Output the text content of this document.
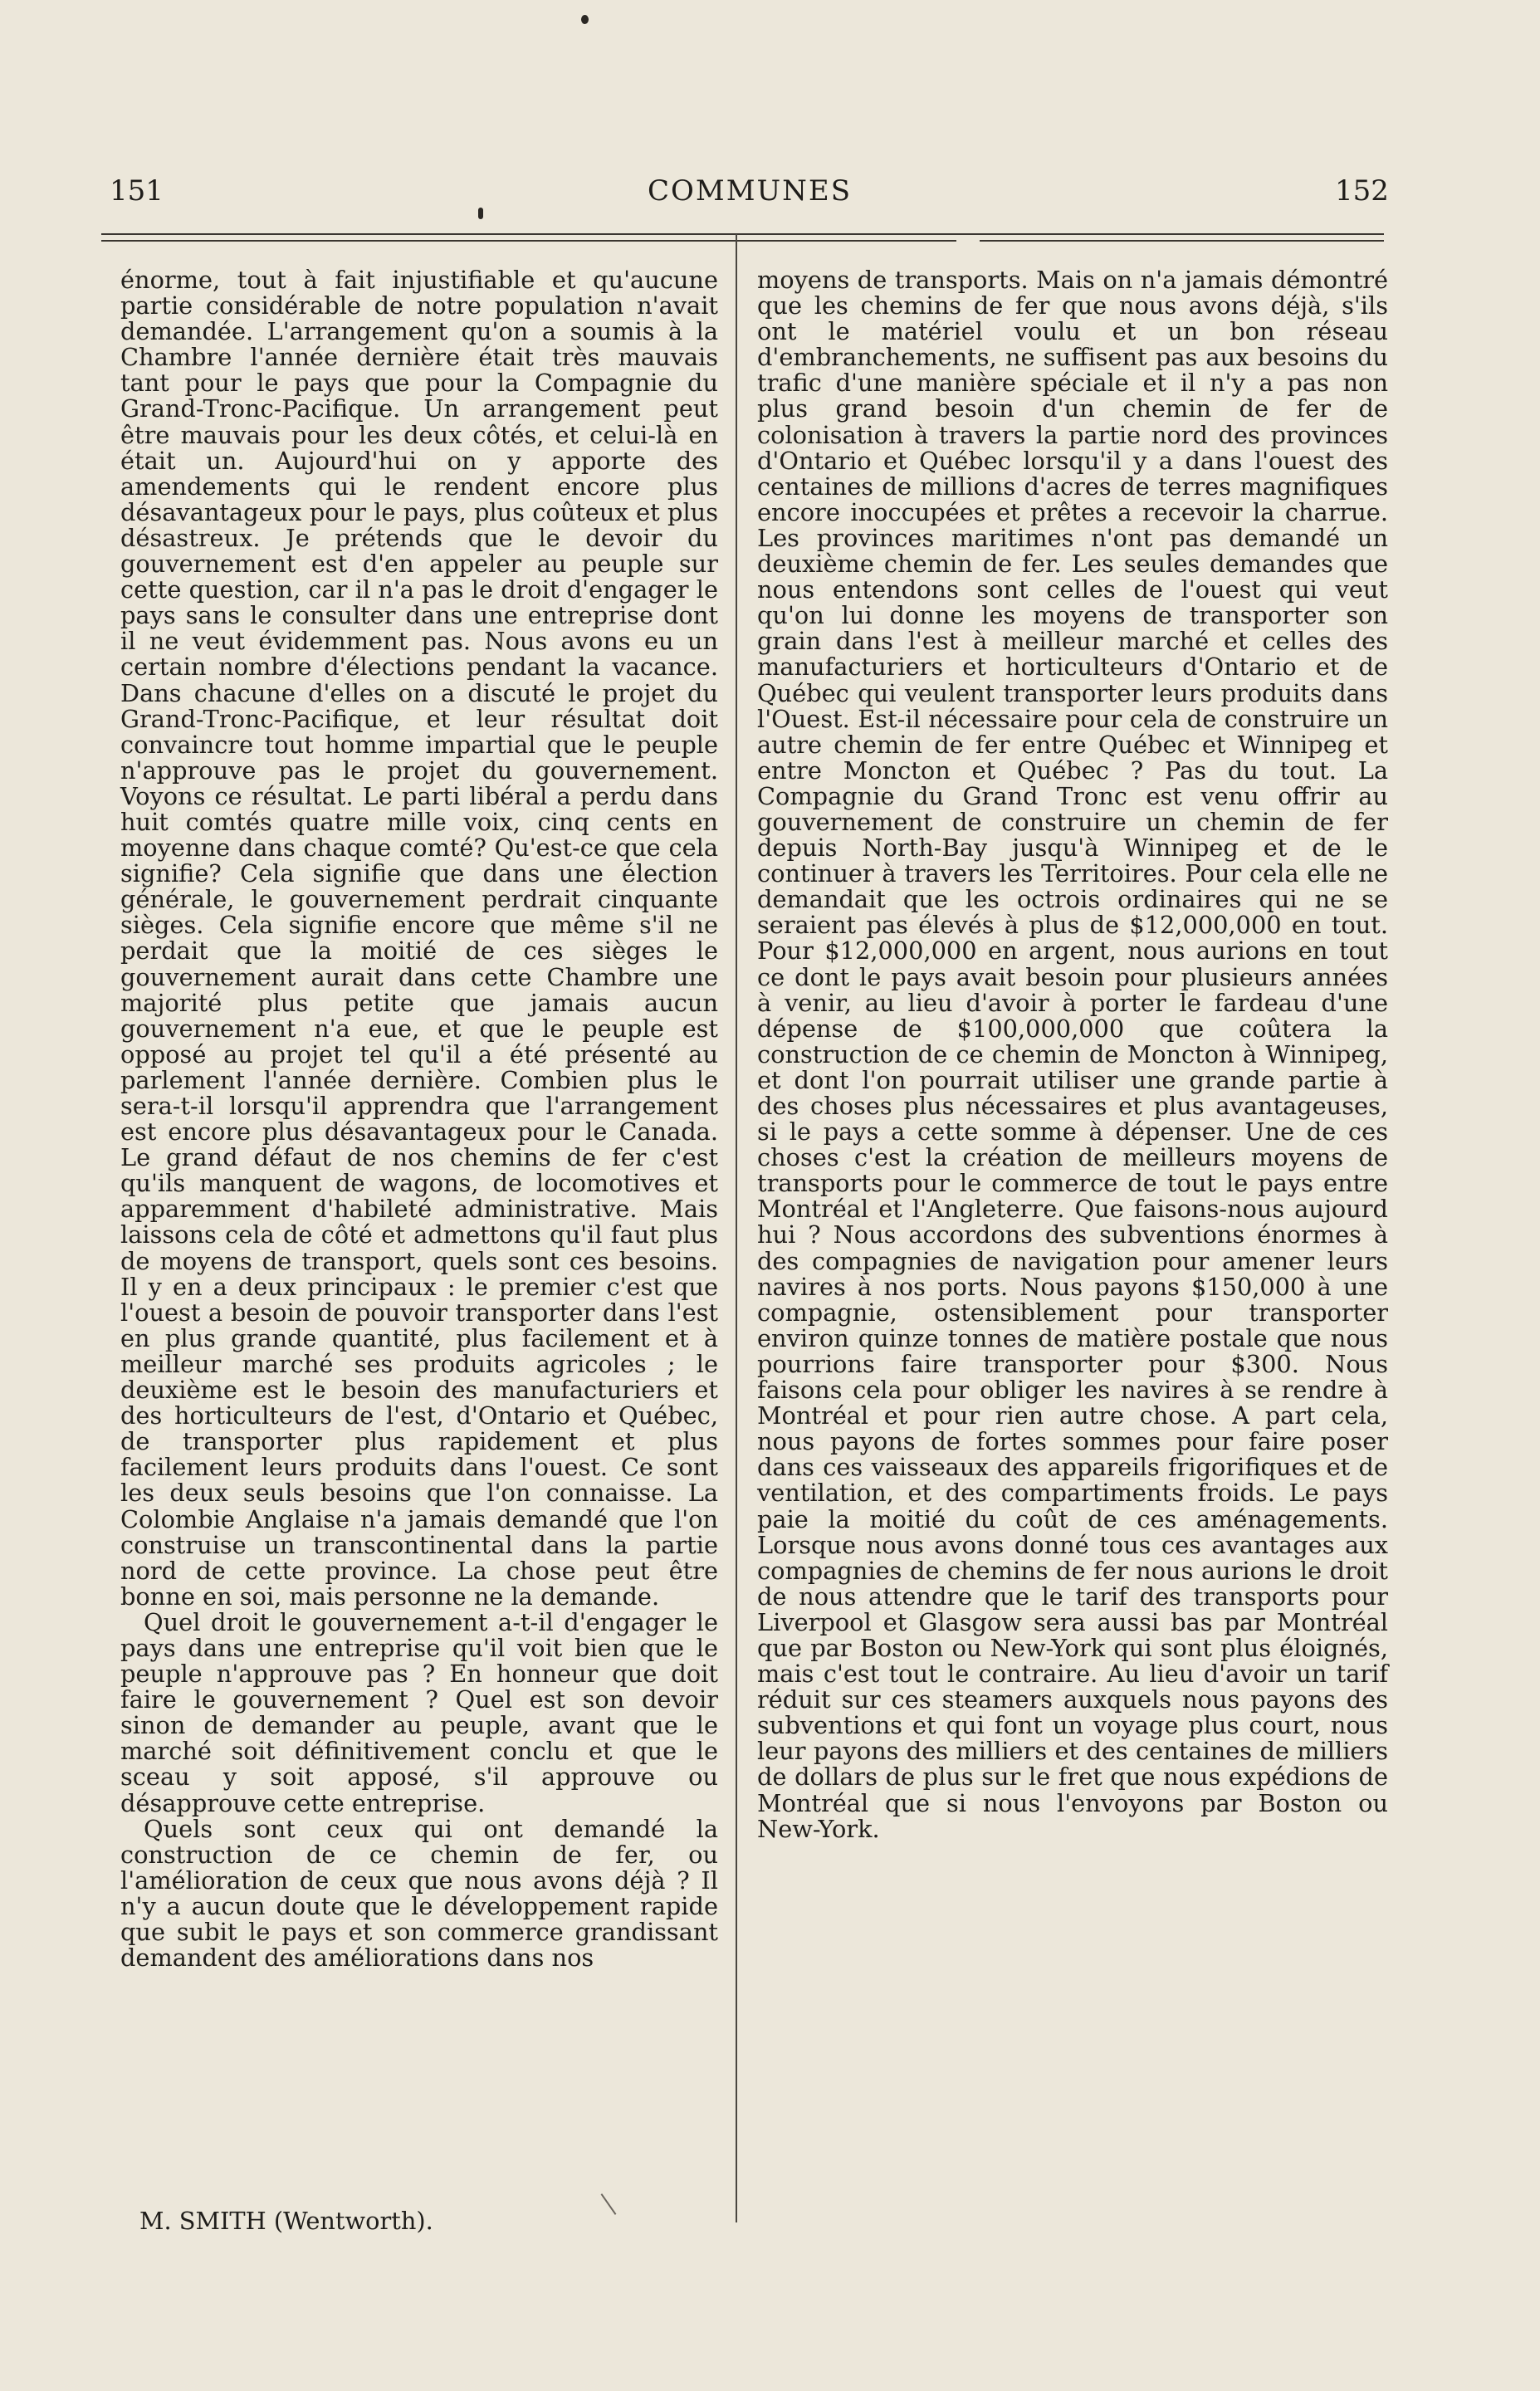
151	COMMUNES	152

énorme, tout à fait injustifiable et qu'aucune partie considérable de notre population n'avait demandée. L'arrangement qu'on a soumis à la Chambre l'année dernière était très mauvais tant pour le pays que pour la Compagnie du Grand-Tronc-Pacifique. Un arrangement peut être mauvais pour les deux côtés, et celui-là en était un. Aujourd'hui on y apporte des amendements qui le rendent encore plus désavantageux pour le pays, plus coûteux et plus désastreux. Je prétends que le devoir du gouvernement est d'en appeler au peuple sur cette question, car il n'a pas le droit d'engager le pays sans le consulter dans une entreprise dont il ne veut évidemment pas. Nous avons eu un certain nombre d'élections pendant la vacance. Dans chacune d'elles on a discuté le projet du Grand-Tronc-Pacifique, et leur résultat doit convaincre tout homme impartial que le peuple n'approuve pas le projet du gouvernement. Voyons ce résultat. Le parti libéral a perdu dans huit comtés quatre mille voix, cinq cents en moyenne dans chaque comté? Qu'est-ce que cela signifie? Cela signifie que dans une élection générale, le gouvernement perdrait cinquante sièges. Cela signifie encore que même s'il ne perdait que la moitié de ces sièges le gouvernement aurait dans cette Chambre une majorité plus petite que jamais aucun gouvernement n'a eue, et que le peuple est opposé au projet tel qu'il a été présenté au parlement l'année dernière. Combien plus le sera-t-il lorsqu'il apprendra que l'arrangement est encore plus désavantageux pour le Canada. Le grand défaut de nos chemins de fer c'est qu'ils manquent de wagons, de locomotives et apparemment d'habileté administrative. Mais laissons cela de côté et admettons qu'il faut plus de moyens de transport, quels sont ces besoins. Il y en a deux principaux : le premier c'est que l'ouest a besoin de pouvoir transporter dans l'est en plus grande quantité, plus facilement et à meilleur marché ses produits agricoles ; le deuxième est le besoin des manufacturiers et des horticulteurs de l'est, d'Ontario et Québec, de transporter plus rapidement et plus facilement leurs produits dans l'ouest. Ce sont les deux seuls besoins que l'on connaisse. La Colombie Anglaise n'a jamais demandé que l'on construise un transcontinental dans la partie nord de cette province. La chose peut être bonne en soi, mais personne ne la demande.

Quel droit le gouvernement a-t-il d'engager le pays dans une entreprise qu'il voit bien que le peuple n'approuve pas ? En honneur que doit faire le gouvernement ? Quel est son devoir sinon de demander au peuple, avant que le marché soit définitivement conclu et que le sceau y soit apposé, s'il approuve ou désapprouve cette entreprise.

Quels sont ceux qui ont demandé la construction de ce chemin de fer, ou l'amélioration de ceux que nous avons déjà ? Il n'y a aucun doute que le développement rapide que subit le pays et son commerce grandissant demandent des améliorations dans nos

moyens de transports. Mais on n'a jamais démontré que les chemins de fer que nous avons déjà, s'ils ont le matériel voulu et un bon réseau d'embranchements, ne suffisent pas aux besoins du trafic d'une manière spéciale et il n'y a pas non plus grand besoin d'un chemin de fer de colonisation à travers la partie nord des provinces d'Ontario et Québec lorsqu'il y a dans l'ouest des centaines de millions d'acres de terres magnifiques encore inoccupées et prêtes a recevoir la charrue. Les provinces maritimes n'ont pas demandé un deuxième chemin de fer. Les seules demandes que nous entendons sont celles de l'ouest qui veut qu'on lui donne les moyens de transporter son grain dans l'est à meilleur marché et celles des manufacturiers et horticulteurs d'Ontario et de Québec qui veulent transporter leurs produits dans l'Ouest. Est-il nécessaire pour cela de construire un autre chemin de fer entre Québec et Winnipeg et entre Moncton et Québec ? Pas du tout. La Compagnie du Grand Tronc est venu offrir au gouvernement de construire un chemin de fer depuis North-Bay jusqu'à Winnipeg et de le continuer à travers les Territoires. Pour cela elle ne demandait que les octrois ordinaires qui ne se seraient pas élevés à plus de $12,000,000 en tout. Pour $12,000,000 en argent, nous aurions en tout ce dont le pays avait besoin pour plusieurs années à venir, au lieu d'avoir à porter le fardeau d'une dépense de $100,000,000 que coûtera la construction de ce chemin de Moncton à Winnipeg, et dont l'on pourrait utiliser une grande partie à des choses plus nécessaires et plus avantageuses, si le pays a cette somme à dépenser. Une de ces choses c'est la création de meilleurs moyens de transports pour le commerce de tout le pays entre Montréal et l'Angleterre. Que faisons-nous aujourd hui ? Nous accordons des subventions énormes à des compagnies de navigation pour amener leurs navires à nos ports. Nous payons $150,000 à une compagnie, ostensiblement pour transporter environ quinze tonnes de matière postale que nous pourrions faire transporter pour $300. Nous faisons cela pour obliger les navires à se rendre à Montréal et pour rien autre chose. A part cela, nous payons de fortes sommes pour faire poser dans ces vaisseaux des appareils frigorifiques et de ventilation, et des compartiments froids. Le pays paie la moitié du coût de ces aménagements. Lorsque nous avons donné tous ces avantages aux compagnies de chemins de fer nous aurions le droit de nous attendre que le tarif des transports pour Liverpool et Glasgow sera aussi bas par Montréal que par Boston ou New-York qui sont plus éloignés, mais c'est tout le contraire. Au lieu d'avoir un tarif réduit sur ces steamers auxquels nous payons des subventions et qui font un voyage plus court, nous leur payons des milliers et des centaines de milliers de dollars de plus sur le fret que nous expédions de Montréal que si nous l'envoyons par Boston ou New-York.

M. SMITH (Wentworth).
